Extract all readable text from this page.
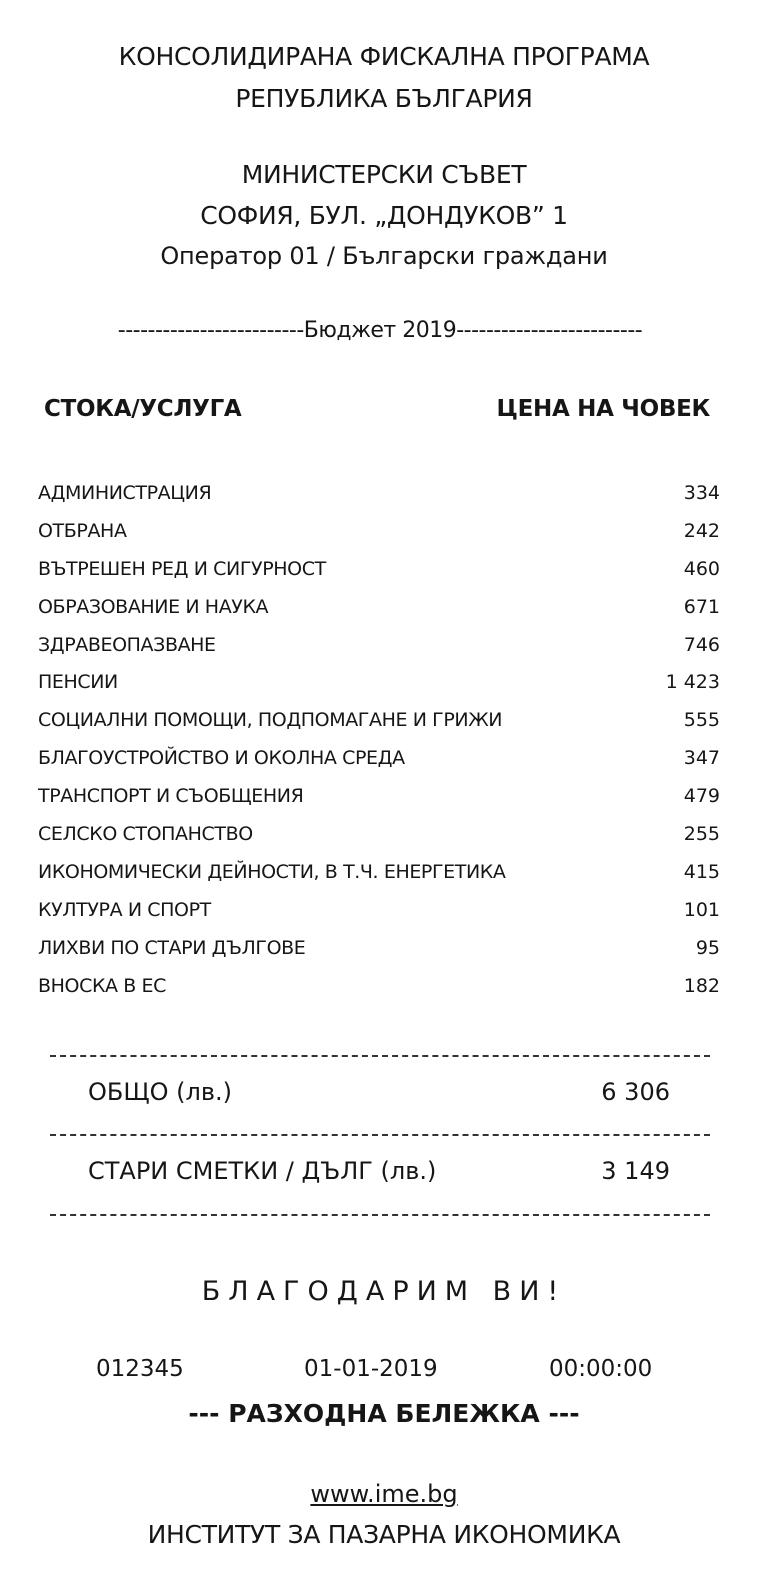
КОНСОЛИДИРАНА ФИСКАЛНА ПРОГРАМА
РЕПУБЛИКА БЪЛГАРИЯ
МИНИСТЕРСКИ СЪВЕТ
СОФИЯ, БУЛ. „ДОНДУКОВ” 1
Оператор 01 / Български граждани
-------------------------Бюджет 2019-------------------------
СТОКА/УСЛУГА	ЦЕНА НА ЧОВЕК
АДМИНИСТРАЦИЯ	334
ОТБРАНА	242
ВЪТРЕШЕН РЕД И СИГУРНОСТ	460
ОБРАЗОВАНИЕ И НАУКА	671
ЗДРАВЕОПАЗВАНЕ	746
ПЕНСИИ	1 423
СОЦИАЛНИ ПОМОЩИ, ПОДПОМАГАНЕ И ГРИЖИ	555
БЛАГОУСТРОЙСТВО И ОКОЛНА СРЕДА	347
ТРАНСПОРТ И СЪОБЩЕНИЯ	479
СЕЛСКО СТОПАНСТВО	255
ИКОНОМИЧЕСКИ ДЕЙНОСТИ, В Т.Ч. ЕНЕРГЕТИКА	415
КУЛТУРА И СПОРТ	101
ЛИХВИ ПО СТАРИ ДЪЛГОВЕ	95
ВНОСКА В ЕС	182
ОБЩО (лв.)	6 306
СТАРИ СМЕТКИ / ДЪЛГ (лв.)	3 149
БЛАГОДАРИМ ВИ!
012345	01-01-2019	00:00:00
--- РАЗХОДНА БЕЛЕЖКА ---
www.ime.bg
ИНСТИТУТ ЗА ПАЗАРНА ИКОНОМИКА
